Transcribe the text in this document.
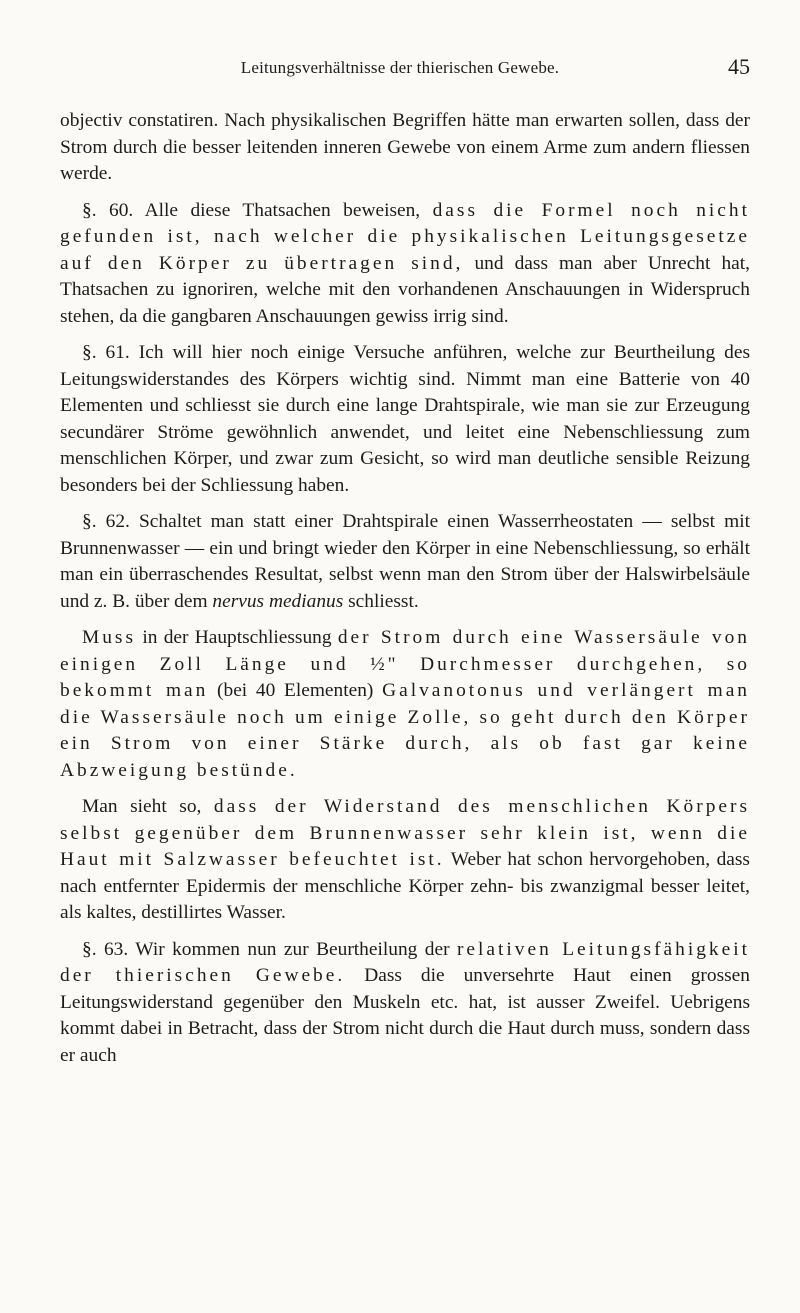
Leitungsverhältnisse der thierischen Gewebe.	45

objectiv constatiren. Nach physikalischen Begriffen hätte man erwarten sollen, dass der Strom durch die besser leitenden inneren Gewebe von einem Arme zum andern fliessen werde.

§. 60. Alle diese Thatsachen beweisen, dass die Formel noch nicht gefunden ist, nach welcher die physikalischen Leitungsgesetze auf den Körper zu übertragen sind, und dass man aber Unrecht hat, Thatsachen zu ignoriren, welche mit den vorhandenen Anschauungen in Widerspruch stehen, da die gangbaren Anschauungen gewiss irrig sind.

§. 61. Ich will hier noch einige Versuche anführen, welche zur Beurtheilung des Leitungswiderstandes des Körpers wichtig sind. Nimmt man eine Batterie von 40 Elementen und schliesst sie durch eine lange Drahtspirale, wie man sie zur Erzeugung secundärer Ströme gewöhnlich anwendet, und leitet eine Nebenschliessung zum menschlichen Körper, und zwar zum Gesicht, so wird man deutliche sensible Reizung besonders bei der Schliessung haben.

§. 62. Schaltet man statt einer Drahtspirale einen Wasserrheostaten — selbst mit Brunnenwasser — ein und bringt wieder den Körper in eine Nebenschliessung, so erhält man ein überraschendes Resultat, selbst wenn man den Strom über der Halswirbelsäule und z. B. über dem nervus medianus schliesst.

Muss in der Hauptschliessung der Strom durch eine Wassersäule von einigen Zoll Länge und ½" Durchmesser durchgehen, so bekommt man (bei 40 Elementen) Galvanotonus und verlängert man die Wassersäule noch um einige Zolle, so geht durch den Körper ein Strom von einer Stärke durch, als ob fast gar keine Abzweigung bestünde.

Man sieht so, dass der Widerstand des menschlichen Körpers selbst gegenüber dem Brunnenwasser sehr klein ist, wenn die Haut mit Salzwasser befeuchtet ist. Weber hat schon hervorgehoben, dass nach entfernter Epidermis der menschliche Körper zehn- bis zwanzigmal besser leitet, als kaltes, destillirtes Wasser.

§. 63. Wir kommen nun zur Beurtheilung der relativen Leitungsfähigkeit der thierischen Gewebe. Dass die unversehrte Haut einen grossen Leitungswiderstand gegenüber den Muskeln etc. hat, ist ausser Zweifel. Uebrigens kommt dabei in Betracht, dass der Strom nicht durch die Haut durch muss, sondern dass er auch
